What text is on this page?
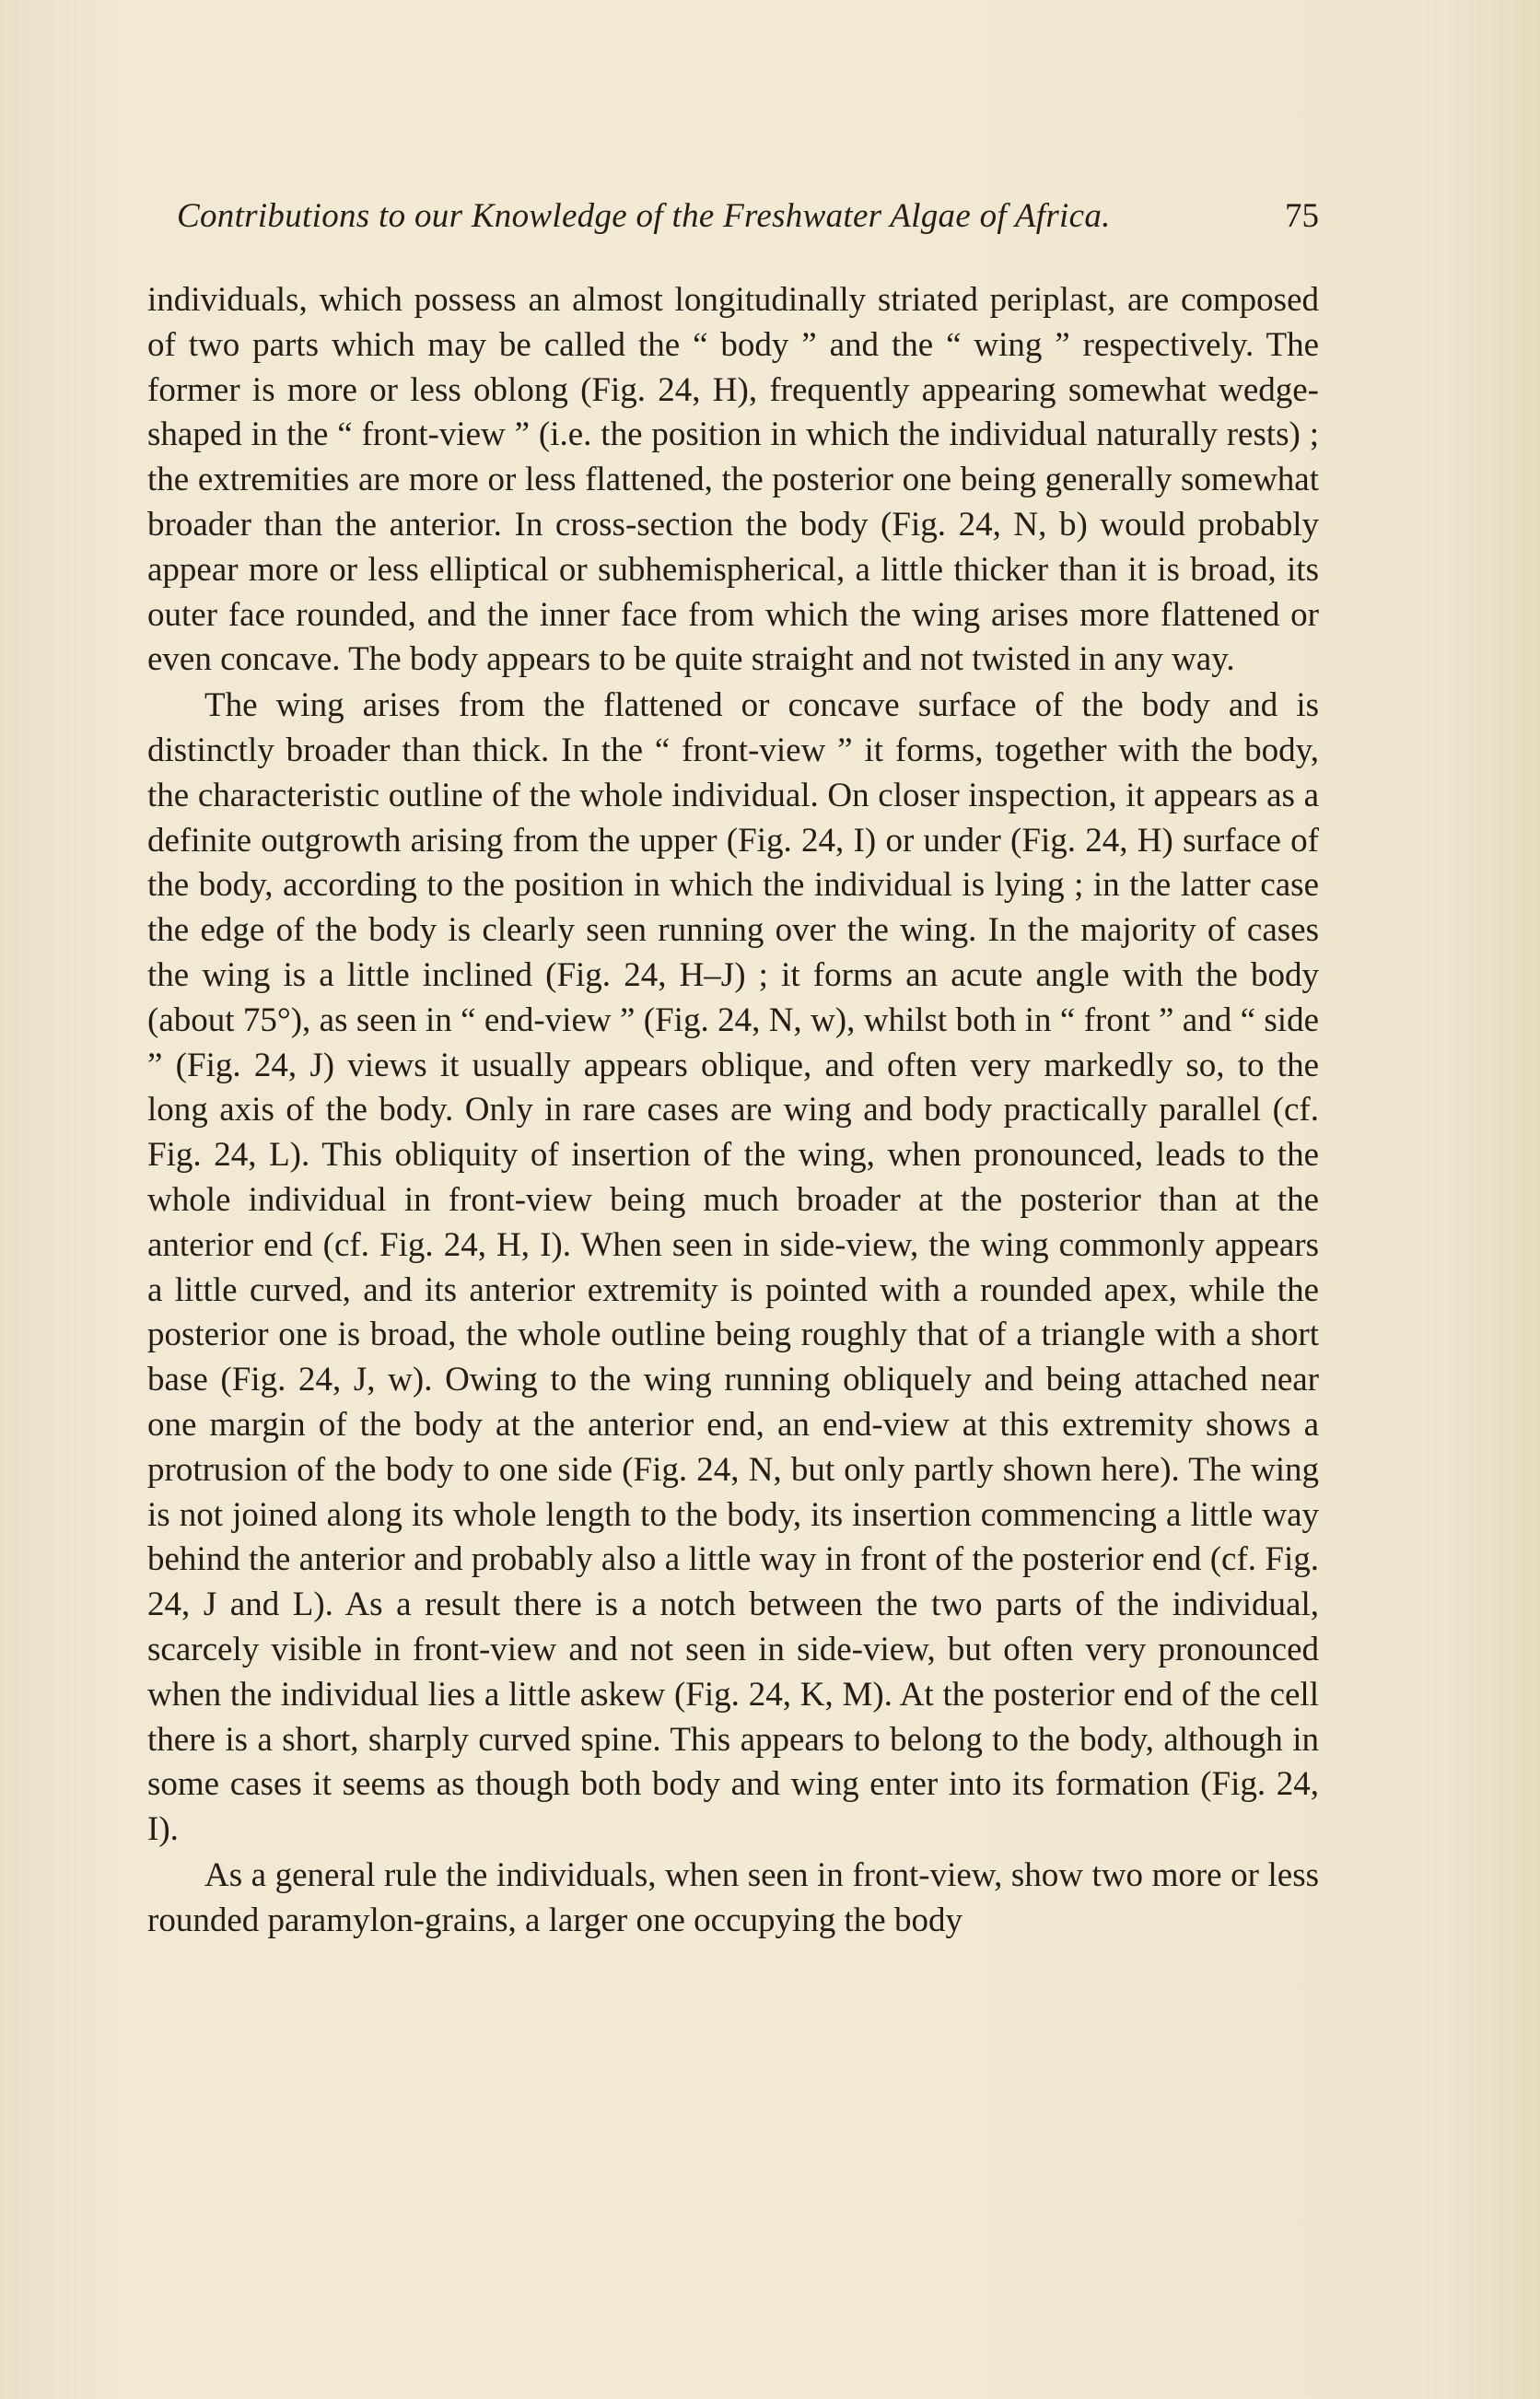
Contributions to our Knowledge of the Freshwater Algae of Africa.	75

individuals, which possess an almost longitudinally striated periplast, are composed of two parts which may be called the “ body ” and the “ wing ” respectively. The former is more or less oblong (Fig. 24, H), frequently appearing somewhat wedge-shaped in the “ front-view ” (i.e. the position in which the individual naturally rests) ; the extremities are more or less flattened, the posterior one being generally somewhat broader than the anterior. In cross-section the body (Fig. 24, N, b) would probably appear more or less elliptical or subhemispherical, a little thicker than it is broad, its outer face rounded, and the inner face from which the wing arises more flattened or even concave. The body appears to be quite straight and not twisted in any way.

The wing arises from the flattened or concave surface of the body and is distinctly broader than thick. In the “ front-view ” it forms, together with the body, the characteristic outline of the whole individual. On closer inspection, it appears as a definite outgrowth arising from the upper (Fig. 24, I) or under (Fig. 24, H) surface of the body, according to the position in which the individual is lying ; in the latter case the edge of the body is clearly seen running over the wing. In the majority of cases the wing is a little inclined (Fig. 24, H–J) ; it forms an acute angle with the body (about 75°), as seen in “ end-view ” (Fig. 24, N, w), whilst both in “ front ” and “ side ” (Fig. 24, J) views it usually appears oblique, and often very markedly so, to the long axis of the body. Only in rare cases are wing and body practically parallel (cf. Fig. 24, L). This obliquity of insertion of the wing, when pronounced, leads to the whole individual in front-view being much broader at the posterior than at the anterior end (cf. Fig. 24, H, I). When seen in side-view, the wing commonly appears a little curved, and its anterior extremity is pointed with a rounded apex, while the posterior one is broad, the whole outline being roughly that of a triangle with a short base (Fig. 24, J, w). Owing to the wing running obliquely and being attached near one margin of the body at the anterior end, an end-view at this extremity shows a protrusion of the body to one side (Fig. 24, N, but only partly shown here). The wing is not joined along its whole length to the body, its insertion commencing a little way behind the anterior and probably also a little way in front of the posterior end (cf. Fig. 24, J and L). As a result there is a notch between the two parts of the individual, scarcely visible in front-view and not seen in side-view, but often very pronounced when the individual lies a little askew (Fig. 24, K, M). At the posterior end of the cell there is a short, sharply curved spine. This appears to belong to the body, although in some cases it seems as though both body and wing enter into its formation (Fig. 24, I).

As a general rule the individuals, when seen in front-view, show two more or less rounded paramylon-grains, a larger one occupying the body
